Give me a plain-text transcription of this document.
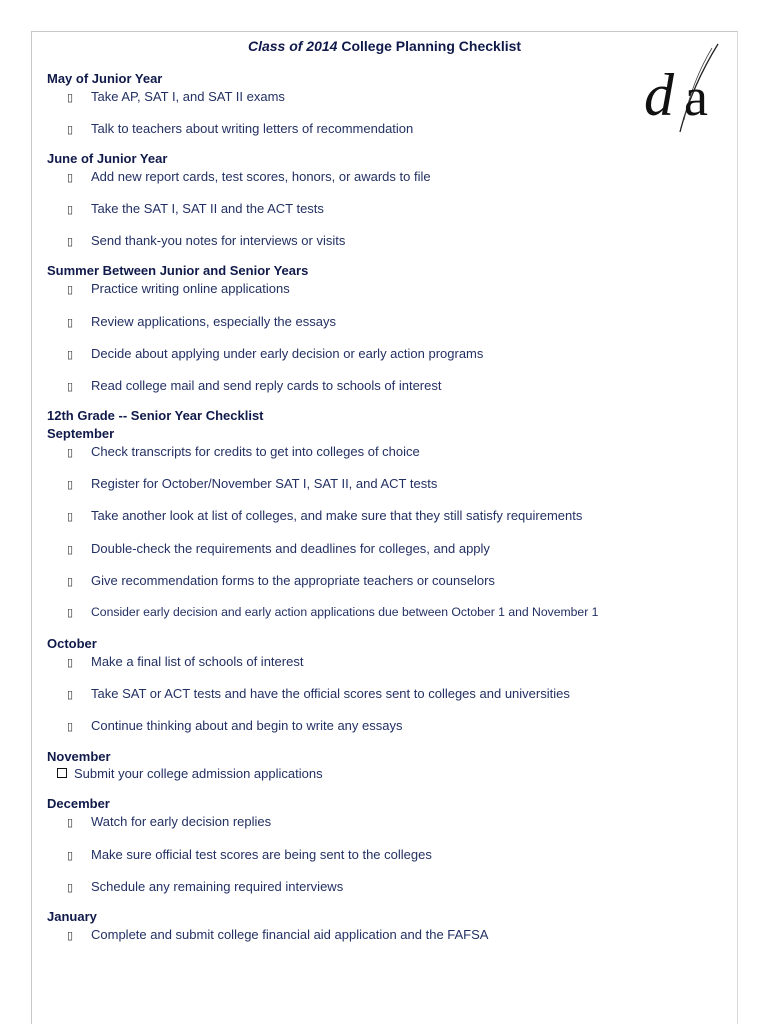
Class of 2014 College Planning Checklist
d a
May of Junior Year
▯ Take AP, SAT I, and SAT II exams
▯ Talk to teachers about writing letters of recommendation
June of Junior Year
▯ Add new report cards, test scores, honors, or awards to file
▯ Take the SAT I, SAT II and the ACT tests
▯ Send thank-you notes for interviews or visits
Summer Between Junior and Senior Years
▯ Practice writing online applications
▯ Review applications, especially the essays
▯ Decide about applying under early decision or early action programs
▯ Read college mail and send reply cards to schools of interest
12th Grade -- Senior Year Checklist
September
▯ Check transcripts for credits to get into colleges of choice
▯ Register for October/November SAT I, SAT II, and ACT tests
▯ Take another look at list of colleges, and make sure that they still satisfy requirements
▯ Double-check the requirements and deadlines for colleges, and apply
▯ Give recommendation forms to the appropriate teachers or counselors
▯ Consider early decision and early action applications due between October 1 and November 1
October
▯ Make a final list of schools of interest
▯ Take SAT or ACT tests and have the official scores sent to colleges and universities
▯ Continue thinking about and begin to write any essays
November
Submit your college admission applications
December
▯ Watch for early decision replies
▯ Make sure official test scores are being sent to the colleges
▯ Schedule any remaining required interviews
January
▯ Complete and submit college financial aid application and the FAFSA
